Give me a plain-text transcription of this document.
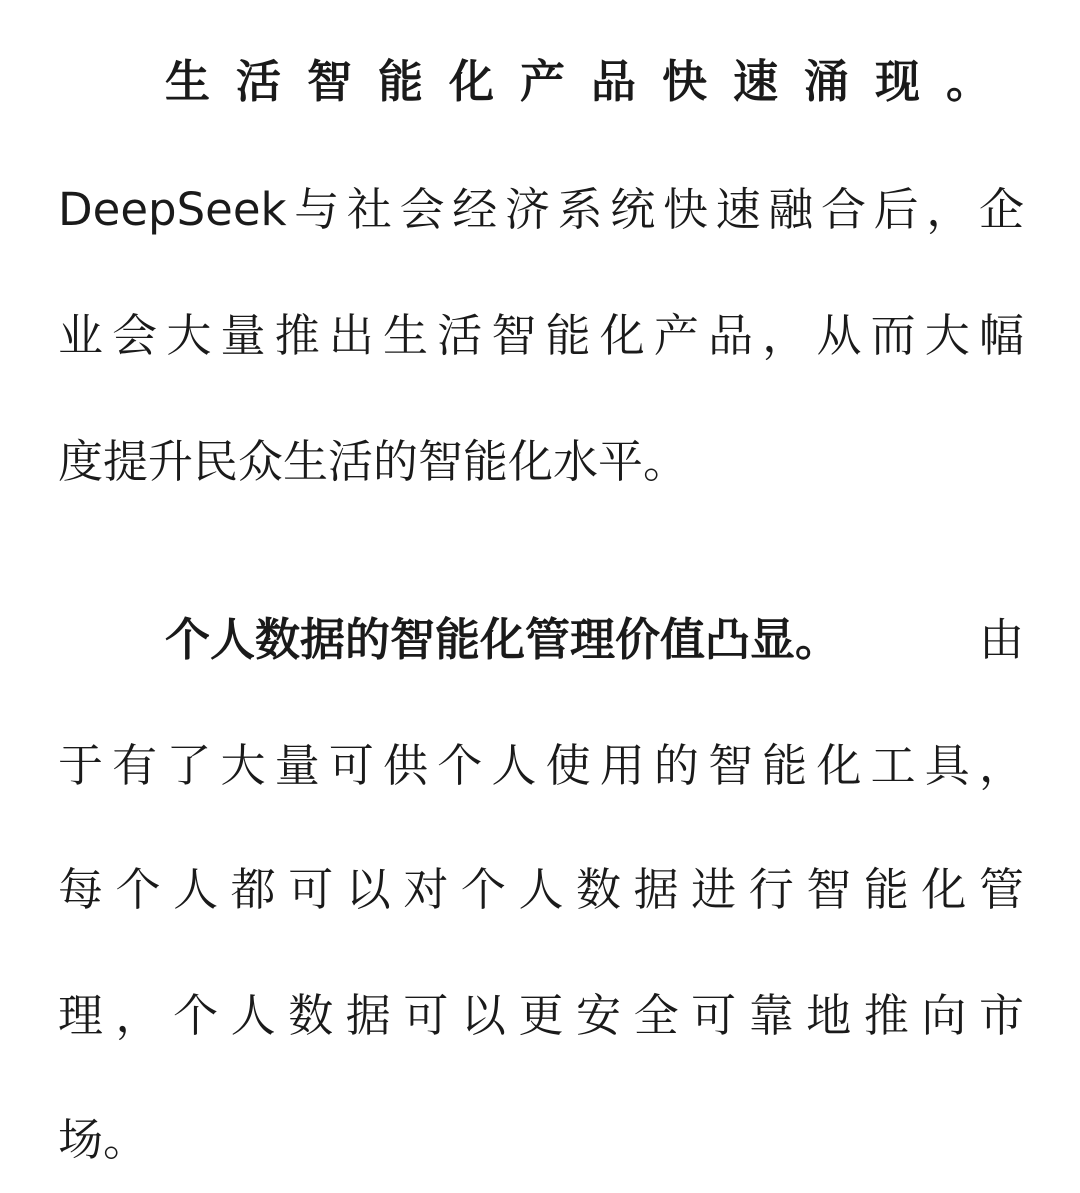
生活智能化产品快速涌现。
DeepSeek与社会经济系统快速融合后，企
业会大量推出生活智能化产品，从而大幅
度提升民众生活的智能化水平。
个人数据的智能化管理价值凸显。	由
于有了大量可供个人使用的智能化工具，
每个人都可以对个人数据进行智能化管
理，个人数据可以更安全可靠地推向市
场。
